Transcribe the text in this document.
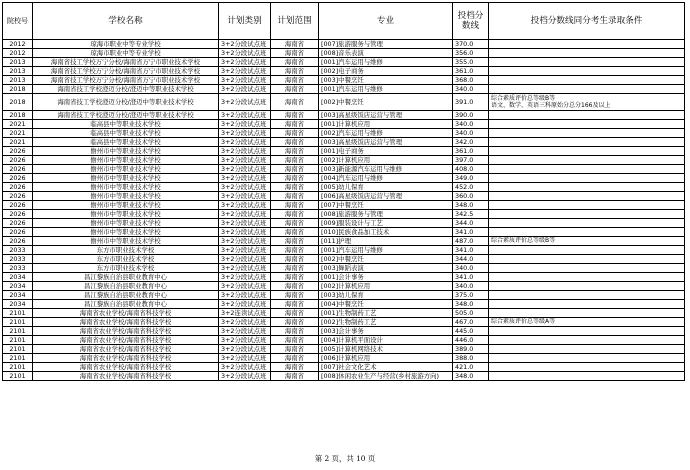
院校号	学校名称	计划类别	计划范围	专业	投档分数线	投档分数线同分考生录取条件
2012	琼海市职业中等专业学校	3+2分段试点班	海南省	[007]旅游服务与管理	370.0	
2012	琼海市职业中等专业学校	3+2分段试点班	海南省	[008]音乐表演	356.0	
2013	海南省技工学校万宁分校/海南省万宁市职业技术学校	3+2分段试点班	海南省	[001]汽车运用与维修	355.0	
2013	海南省技工学校万宁分校/海南省万宁市职业技术学校	3+2分段试点班	海南省	[002]电子商务	361.0	
2013	海南省技工学校万宁分校/海南省万宁市职业技术学校	3+2分段试点班	海南省	[003]中餐烹饪	368.0	
2018	海南省技工学校澄迈分校/澄迈中等职业技术学校	3+2分段试点班	海南省	[001]汽车运用与维修	340.0	
2018	海南省技工学校澄迈分校/澄迈中等职业技术学校	3+2分段试点班	海南省	[002]中餐烹饪	391.0	综合素质评价总等级B等
语文、数学、英语三科原始分总分166及以上
2018	海南省技工学校澄迈分校/澄迈中等职业技术学校	3+2分段试点班	海南省	[003]高星级饭店运营与管理	390.0	
2021	临高县中等职业技术学校	3+2分段试点班	海南省	[001]计算机应用	340.0	
2021	临高县中等职业技术学校	3+2分段试点班	海南省	[002]汽车运用与维修	340.0	
2021	临高县中等职业技术学校	3+2分段试点班	海南省	[003]高星级饭店运营与管理	342.0	
2026	儋州市中等职业技术学校	3+2分段试点班	海南省	[001]电子商务	361.0	
2026	儋州市中等职业技术学校	3+2分段试点班	海南省	[002]计算机应用	397.0	
2026	儋州市中等职业技术学校	3+2分段试点班	海南省	[003]新能源汽车运用与维修	408.0	
2026	儋州市中等职业技术学校	3+2分段试点班	海南省	[004]汽车运用与维修	349.0	
2026	儋州市中等职业技术学校	3+2分段试点班	海南省	[005]幼儿保育	452.0	
2026	儋州市中等职业技术学校	3+2分段试点班	海南省	[006]高星级饭店运营与管理	360.0	
2026	儋州市中等职业技术学校	3+2分段试点班	海南省	[007]中餐烹饪	348.0	
2026	儋州市中等职业技术学校	3+2分段试点班	海南省	[008]旅游服务与管理	342.5	
2026	儋州市中等职业技术学校	3+2分段试点班	海南省	[009]服装设计与工艺	344.0	
2026	儋州市中等职业技术学校	3+2分段试点班	海南省	[010]民族食品加工技术	341.0	
2026	儋州市中等职业技术学校	3+2分段试点班	海南省	[011]护理	487.0	综合素质评价总等级B等
2033	东方市职业技术学校	3+2分段试点班	海南省	[001]汽车运用与维修	341.0	
2033	东方市职业技术学校	3+2分段试点班	海南省	[002]中餐烹饪	344.0	
2033	东方市职业技术学校	3+2分段试点班	海南省	[003]舞蹈表演	340.0	
2034	昌江黎族自治县职业教育中心	3+2分段试点班	海南省	[001]会计事务	341.0	
2034	昌江黎族自治县职业教育中心	3+2分段试点班	海南省	[002]计算机应用	340.0	
2034	昌江黎族自治县职业教育中心	3+2分段试点班	海南省	[003]幼儿保育	375.0	
2034	昌江黎族自治县职业教育中心	3+2分段试点班	海南省	[004]中餐烹饪	348.0	
2101	海南省农业学校/海南省科技学校	3+2连读试点班	海南省	[001]生物制药工艺	505.0	
2101	海南省农业学校/海南省科技学校	3+2分段试点班	海南省	[002]生物制药工艺	467.0	综合素质评价总等级A等
2101	海南省农业学校/海南省科技学校	3+2分段试点班	海南省	[003]会计事务	445.0	
2101	海南省农业学校/海南省科技学校	3+2分段试点班	海南省	[004]计算机平面设计	446.0	
2101	海南省农业学校/海南省科技学校	3+2分段试点班	海南省	[005]计算机网络技术	389.0	
2101	海南省农业学校/海南省科技学校	3+2分段试点班	海南省	[006]计算机应用	388.0	
2101	海南省农业学校/海南省科技学校	3+2分段试点班	海南省	[007]社会文化艺术	421.0	
2101	海南省农业学校/海南省科技学校	3+2分段试点班	海南省	[008]休闲农业生产与经营(乡村旅游方向)	348.0	
第 2 页，共 10 页
